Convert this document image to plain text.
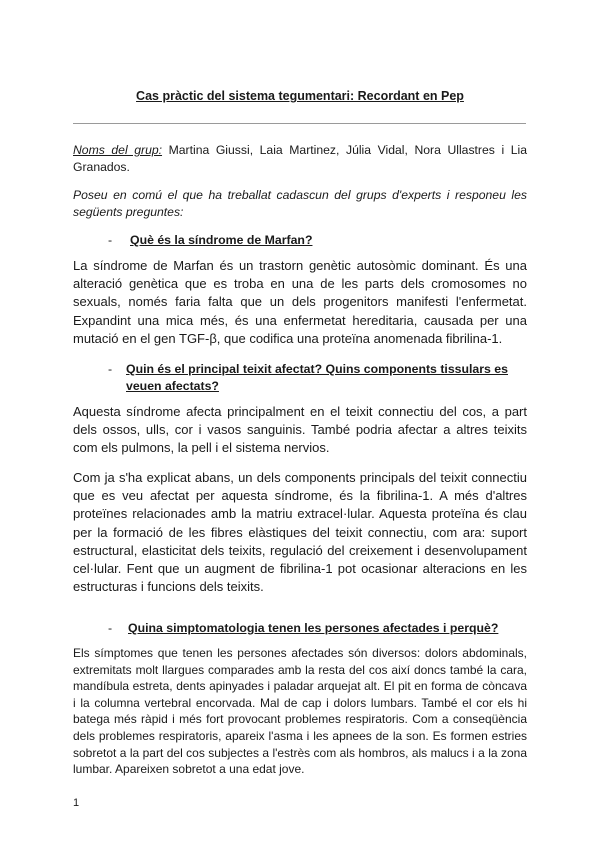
Cas pràctic del sistema tegumentari: Recordant en Pep
Noms del grup: Martina Giussi, Laia Martinez, Júlia Vidal, Nora Ullastres i Lia Granados.
Poseu en comú el que ha treballat cadascun del grups d'experts i responeu les següents preguntes:
- Què és la síndrome de Marfan?
La síndrome de Marfan és un trastorn genètic autosòmic dominant. És una alteració genètica que es troba en una de les parts dels cromosomes no sexuals, només faria falta que un dels progenitors manifesti l'enfermetat. Expandint una mica més, és una enfermetat hereditaria, causada per una mutació en el gen TGF-β, que codifica una proteïna anomenada fibrilina-1.
- Quin és el principal teixit afectat? Quins components tissulars es veuen afectats?
Aquesta síndrome afecta principalment en el teixit connectiu del cos, a part dels ossos, ulls, cor i vasos sanguinis. També podria afectar a altres teixits com els pulmons, la pell i el sistema nervios.
Com ja s'ha explicat abans, un dels components principals del teixit connectiu que es veu afectat per aquesta síndrome, és la fibrilina-1. A més d'altres proteïnes relacionades amb la matriu extracel·lular. Aquesta proteïna és clau per la formació de les fibres elàstiques del teixit connectiu, com ara: suport estructural, elasticitat dels teixits, regulació del creixement i desenvolupament cel·lular. Fent que un augment de fibrilina-1 pot ocasionar alteracions en les estructuras i funcions dels teixits.
- Quina simptomatologia tenen les persones afectades i perquè?
Els símptomes que tenen les persones afectades són diversos: dolors abdominals, extremitats molt llargues comparades amb la resta del cos així doncs també la cara, mandíbula estreta, dents apinyades i paladar arquejat alt. El pit en forma de còncava i la columna vertebral encorvada. Mal de cap i dolors lumbars. També el cor els hi batega més ràpid i més fort provocant problemes respiratoris. Com a conseqüència dels problemes respiratoris, apareix l'asma i les apnees de la son. Es formen estries sobretot a la part del cos subjectes a l'estrès com als hombros, als malucs i a la zona lumbar. Apareixen sobretot a una edat jove.
1
